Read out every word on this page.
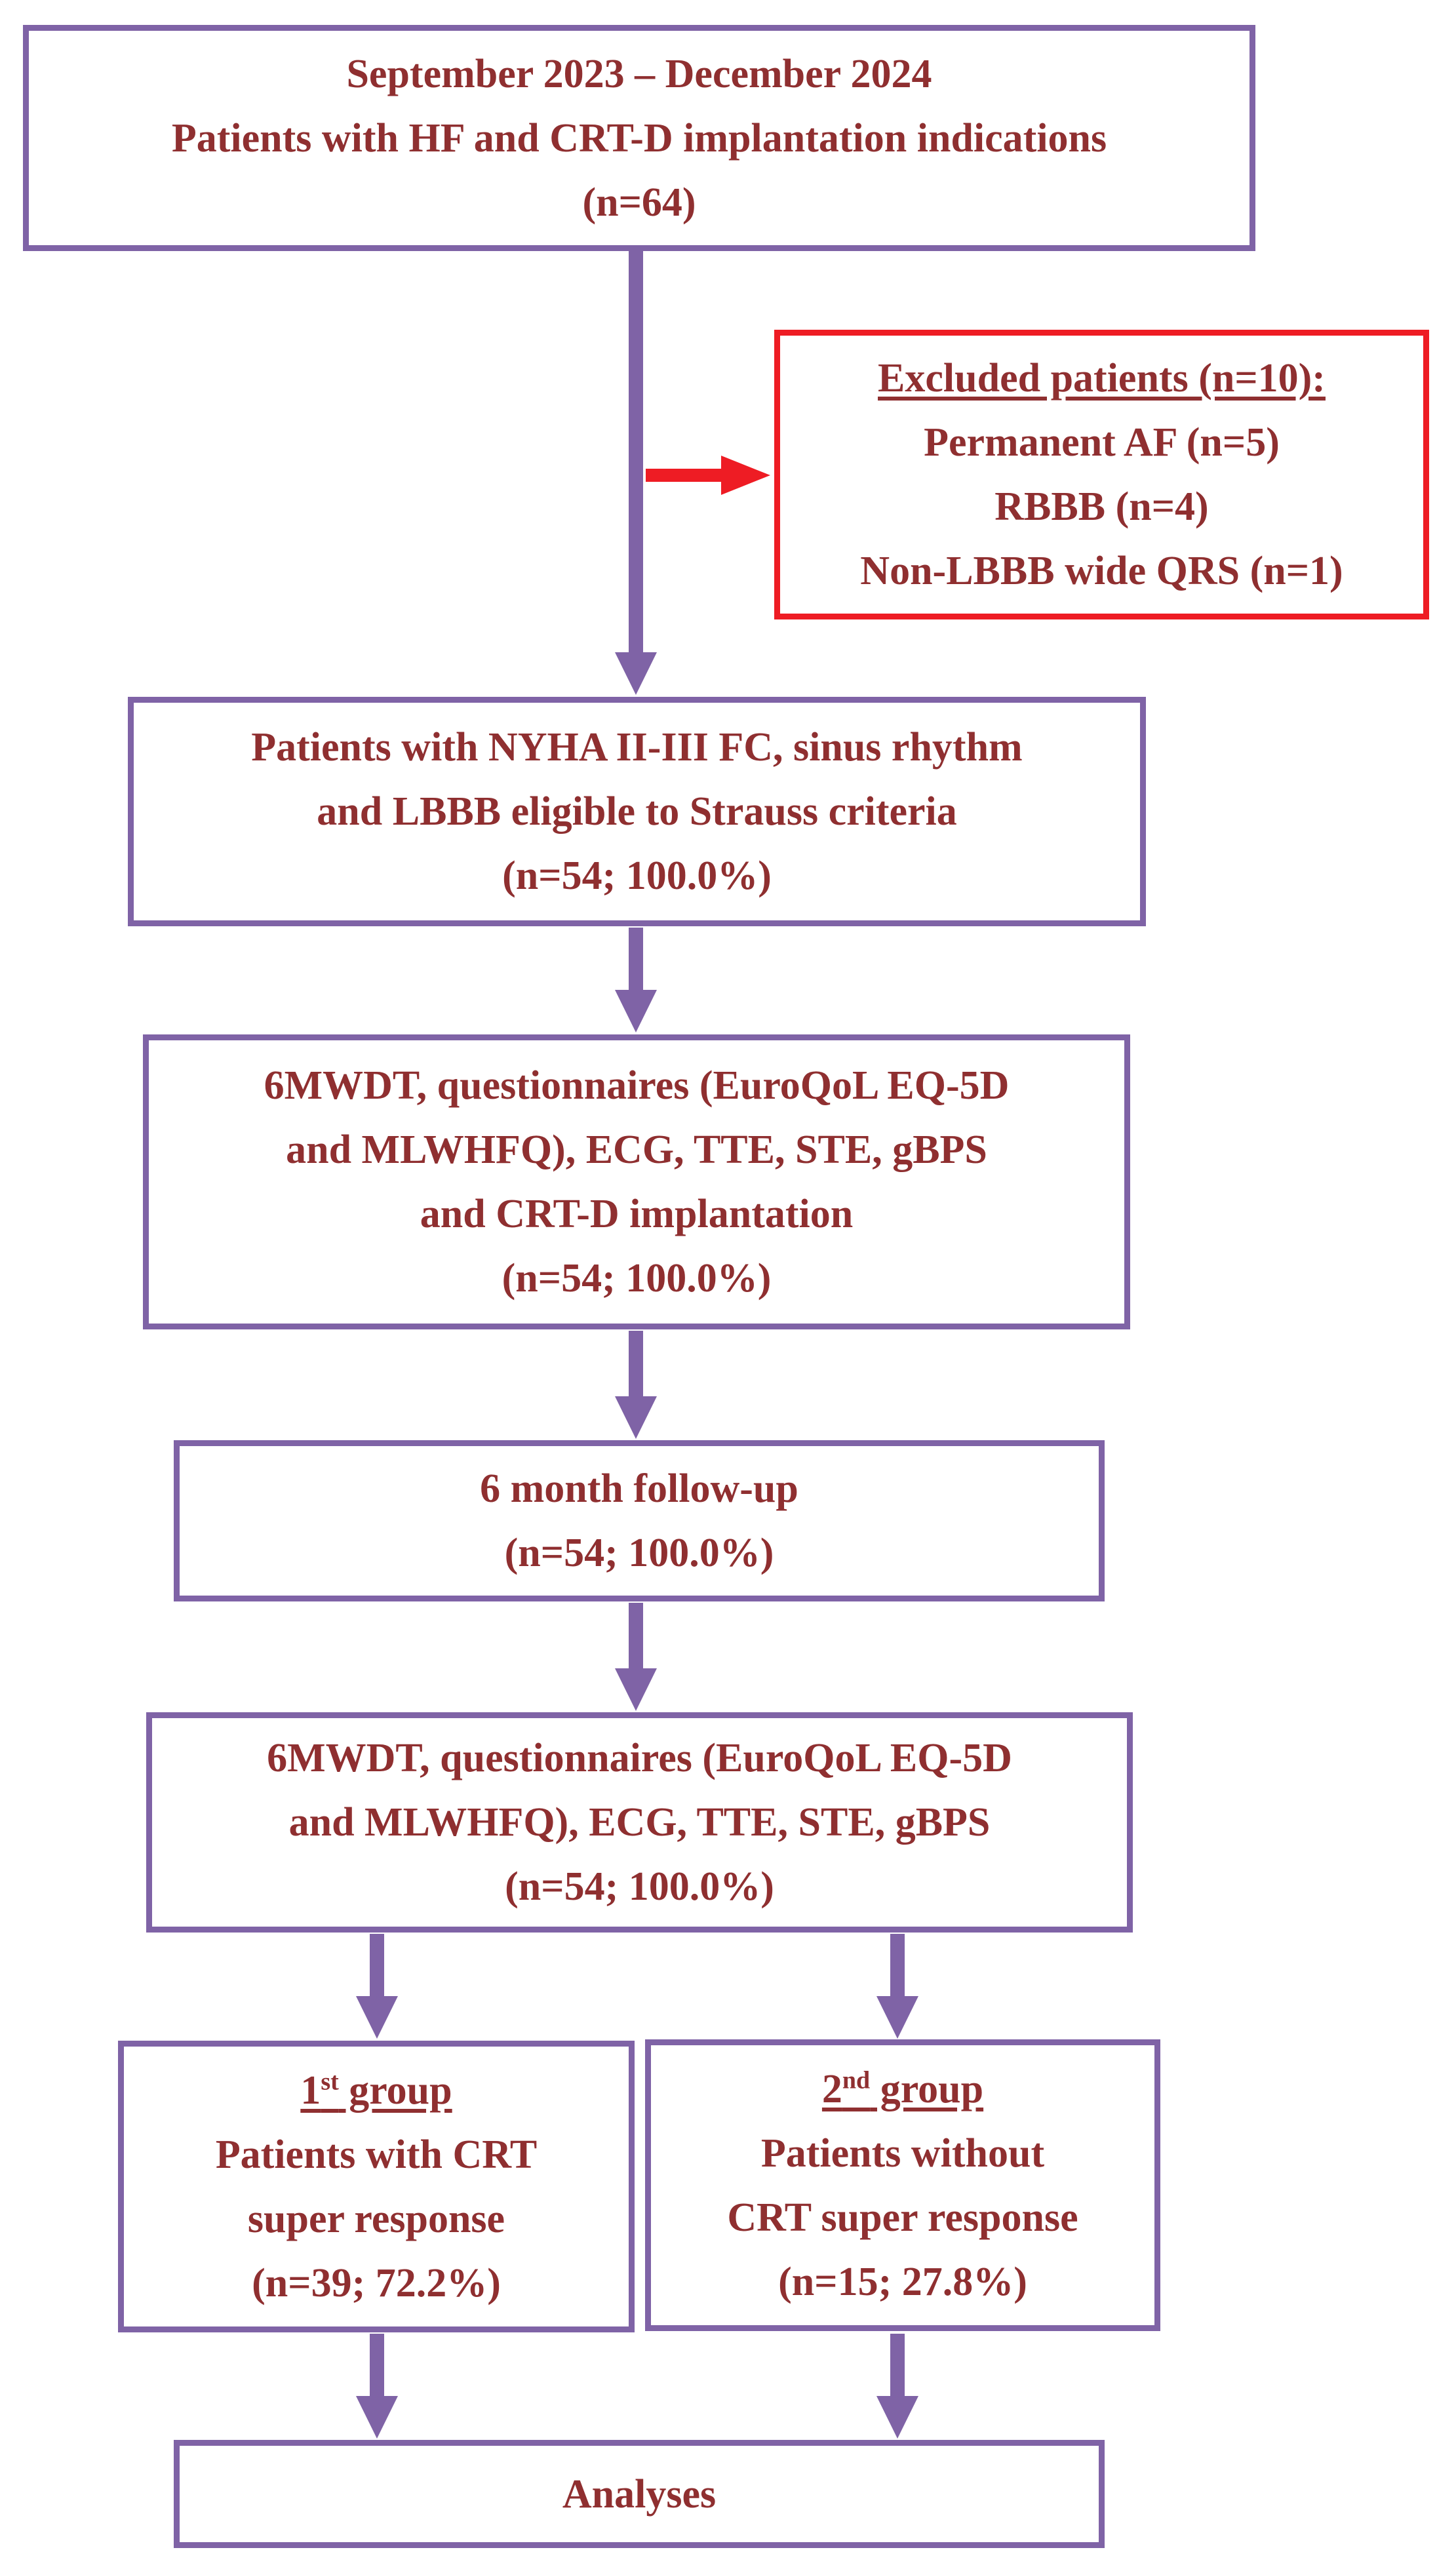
September 2023 – December 2024
Patients with HF and CRT-D implantation indications
(n=64)
Excluded patients (n=10):
Permanent AF (n=5)
RBBB (n=4)
Non-LBBB wide QRS (n=1)
Patients with NYHA II-III FC, sinus rhythm
and LBBB eligible to Strauss criteria
(n=54; 100.0%)
6MWDT, questionnaires (EuroQoL EQ-5D
and MLWHFQ), ECG, TTE, STE, gBPS
and CRT-D implantation
(n=54; 100.0%)
6 month follow-up
(n=54; 100.0%)
6MWDT, questionnaires (EuroQoL EQ-5D
and MLWHFQ), ECG, TTE, STE, gBPS
(n=54; 100.0%)
1st group
Patients with CRT
super response
(n=39; 72.2%)
2nd group
Patients without
CRT super response
(n=15; 27.8%)
Analyses
